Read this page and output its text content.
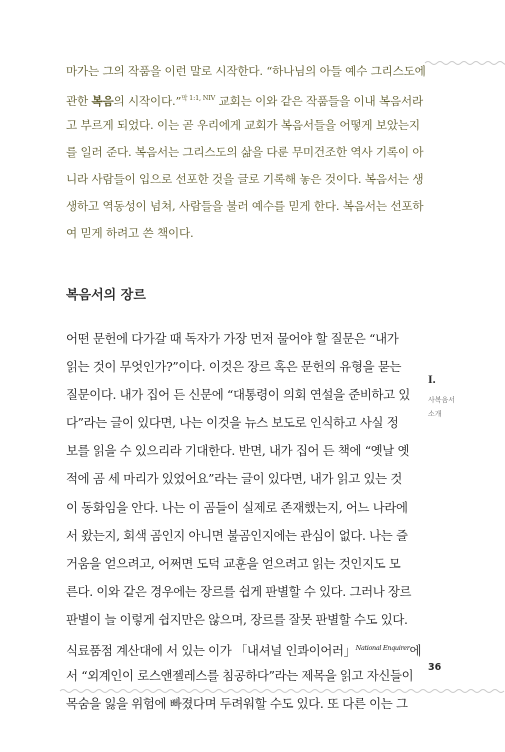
마가는 그의 작품을 이런 말로 시작한다. “하나님의 아들 예수 그리스도에
관한 복음의 시작이다.”$^{막 1:1, NIV}$ 교회는 이와 같은 작품들을 이내 복음서라
고 부르게 되었다. 이는 곧 우리에게 교회가 복음서들을 어떻게 보았는지
를 일러 준다. 복음서는 그리스도의 삶을 다룬 무미건조한 역사 기록이 아
니라 사람들이 입으로 선포한 것을 글로 기록해 놓은 것이다. 복음서는 생
생하고 역동성이 넘쳐, 사람들을 불러 예수를 믿게 한다. 복음서는 선포하
여 믿게 하려고 쓴 책이다.
복음서의 장르
어떤 문헌에 다가갈 때 독자가 가장 먼저 물어야 할 질문은 “내가
읽는 것이 무엇인가?”이다. 이것은 장르 혹은 문헌의 유형을 묻는
질문이다. 내가 집어 든 신문에 “대통령이 의회 연설을 준비하고 있
다”라는 글이 있다면, 나는 이것을 뉴스 보도로 인식하고 사실 정
보를 읽을 수 있으리라 기대한다. 반면, 내가 집어 든 책에 “옛날 옛
적에 곰 세 마리가 있었어요”라는 글이 있다면, 내가 읽고 있는 것
이 동화임을 안다. 나는 이 곰들이 실제로 존재했는지, 어느 나라에
서 왔는지, 회색 곰인지 아니면 불곰인지에는 관심이 없다. 나는 즐
거움을 얻으려고, 어쩌면 도덕 교훈을 얻으려고 읽는 것인지도 모
른다. 이와 같은 경우에는 장르를 쉽게 판별할 수 있다. 그러나 장르
판별이 늘 이렇게 쉽지만은 않으며, 장르를 잘못 판별할 수도 있다.
식료품점 계산대에 서 있는 이가 「내셔널 인콰이어러」$^{National Enquirer}$에
서 “외계인이 로스앤젤레스를 침공하다”라는 제목을 읽고 자신들이
목숨을 잃을 위험에 빠졌다며 두려워할 수도 있다. 또 다른 이는 그
I.
사복음서
소개
36
